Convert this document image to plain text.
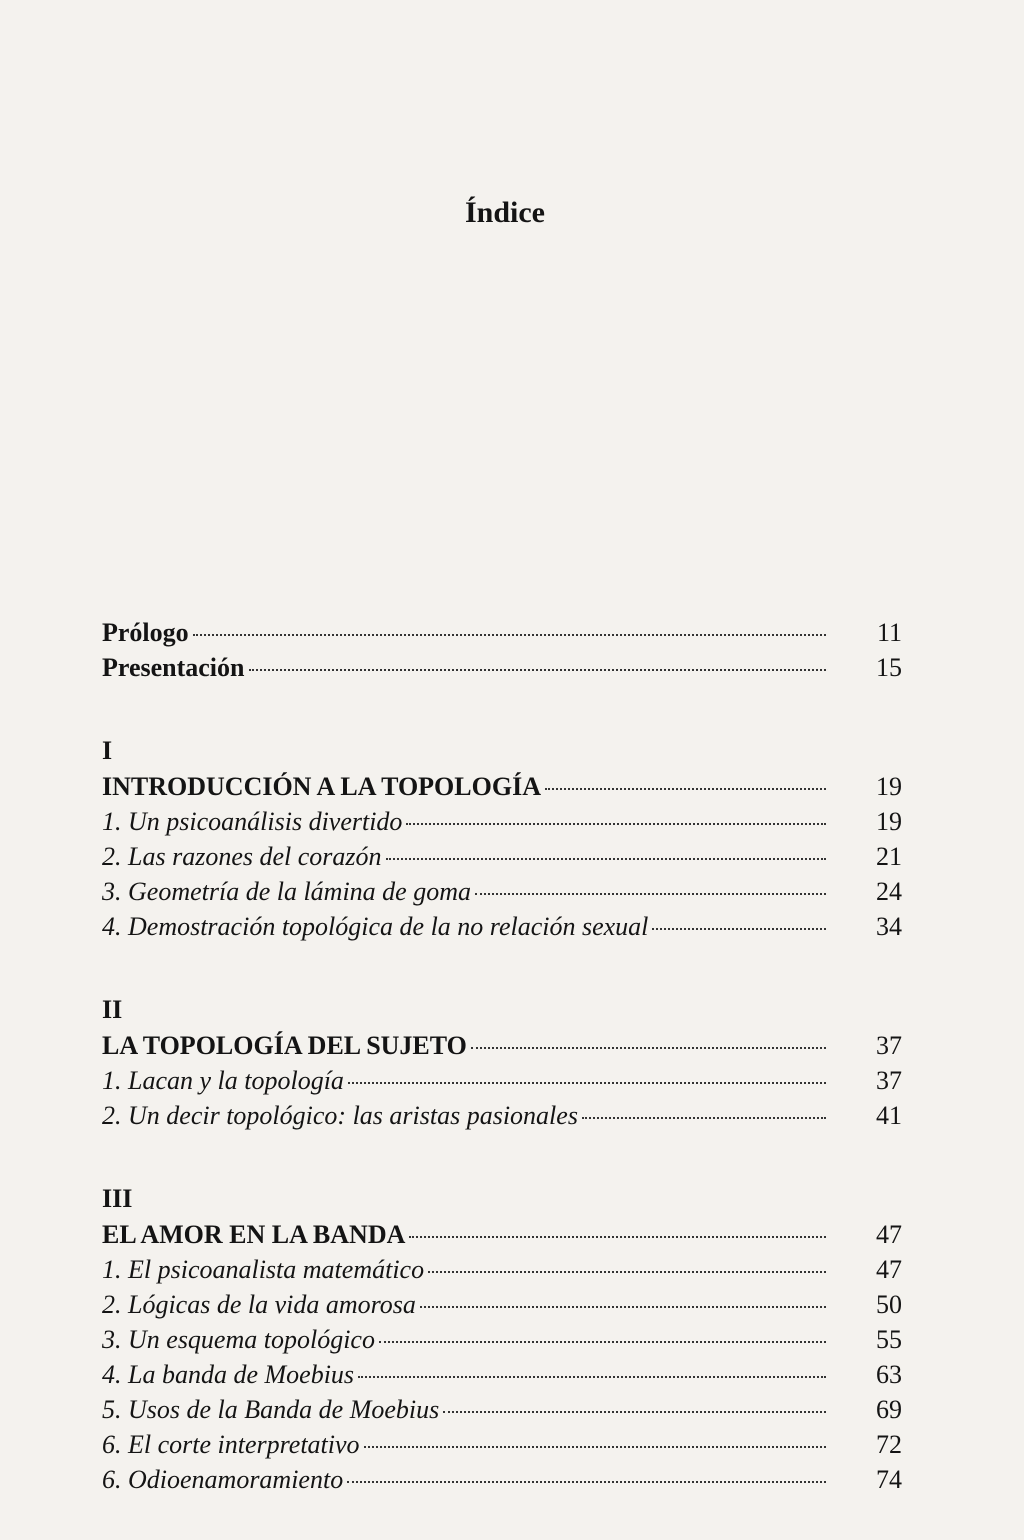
Índice
Prólogo	11
Presentación	15
I
INTRODUCCIÓN A LA TOPOLOGÍA	19
1. Un psicoanálisis divertido	19
2. Las razones del corazón	21
3. Geometría de la lámina de goma	24
4. Demostración topológica de la no relación sexual	34
II
LA TOPOLOGÍA DEL SUJETO	37
1. Lacan y la topología	37
2. Un decir topológico: las aristas pasionales	41
III
EL AMOR EN LA BANDA	47
1. El psicoanalista matemático	47
2. Lógicas de la vida amorosa	50
3. Un esquema topológico	55
4. La banda de Moebius	63
5. Usos de la Banda de Moebius	69
6. El corte interpretativo	72
6. Odioenamoramiento	74
